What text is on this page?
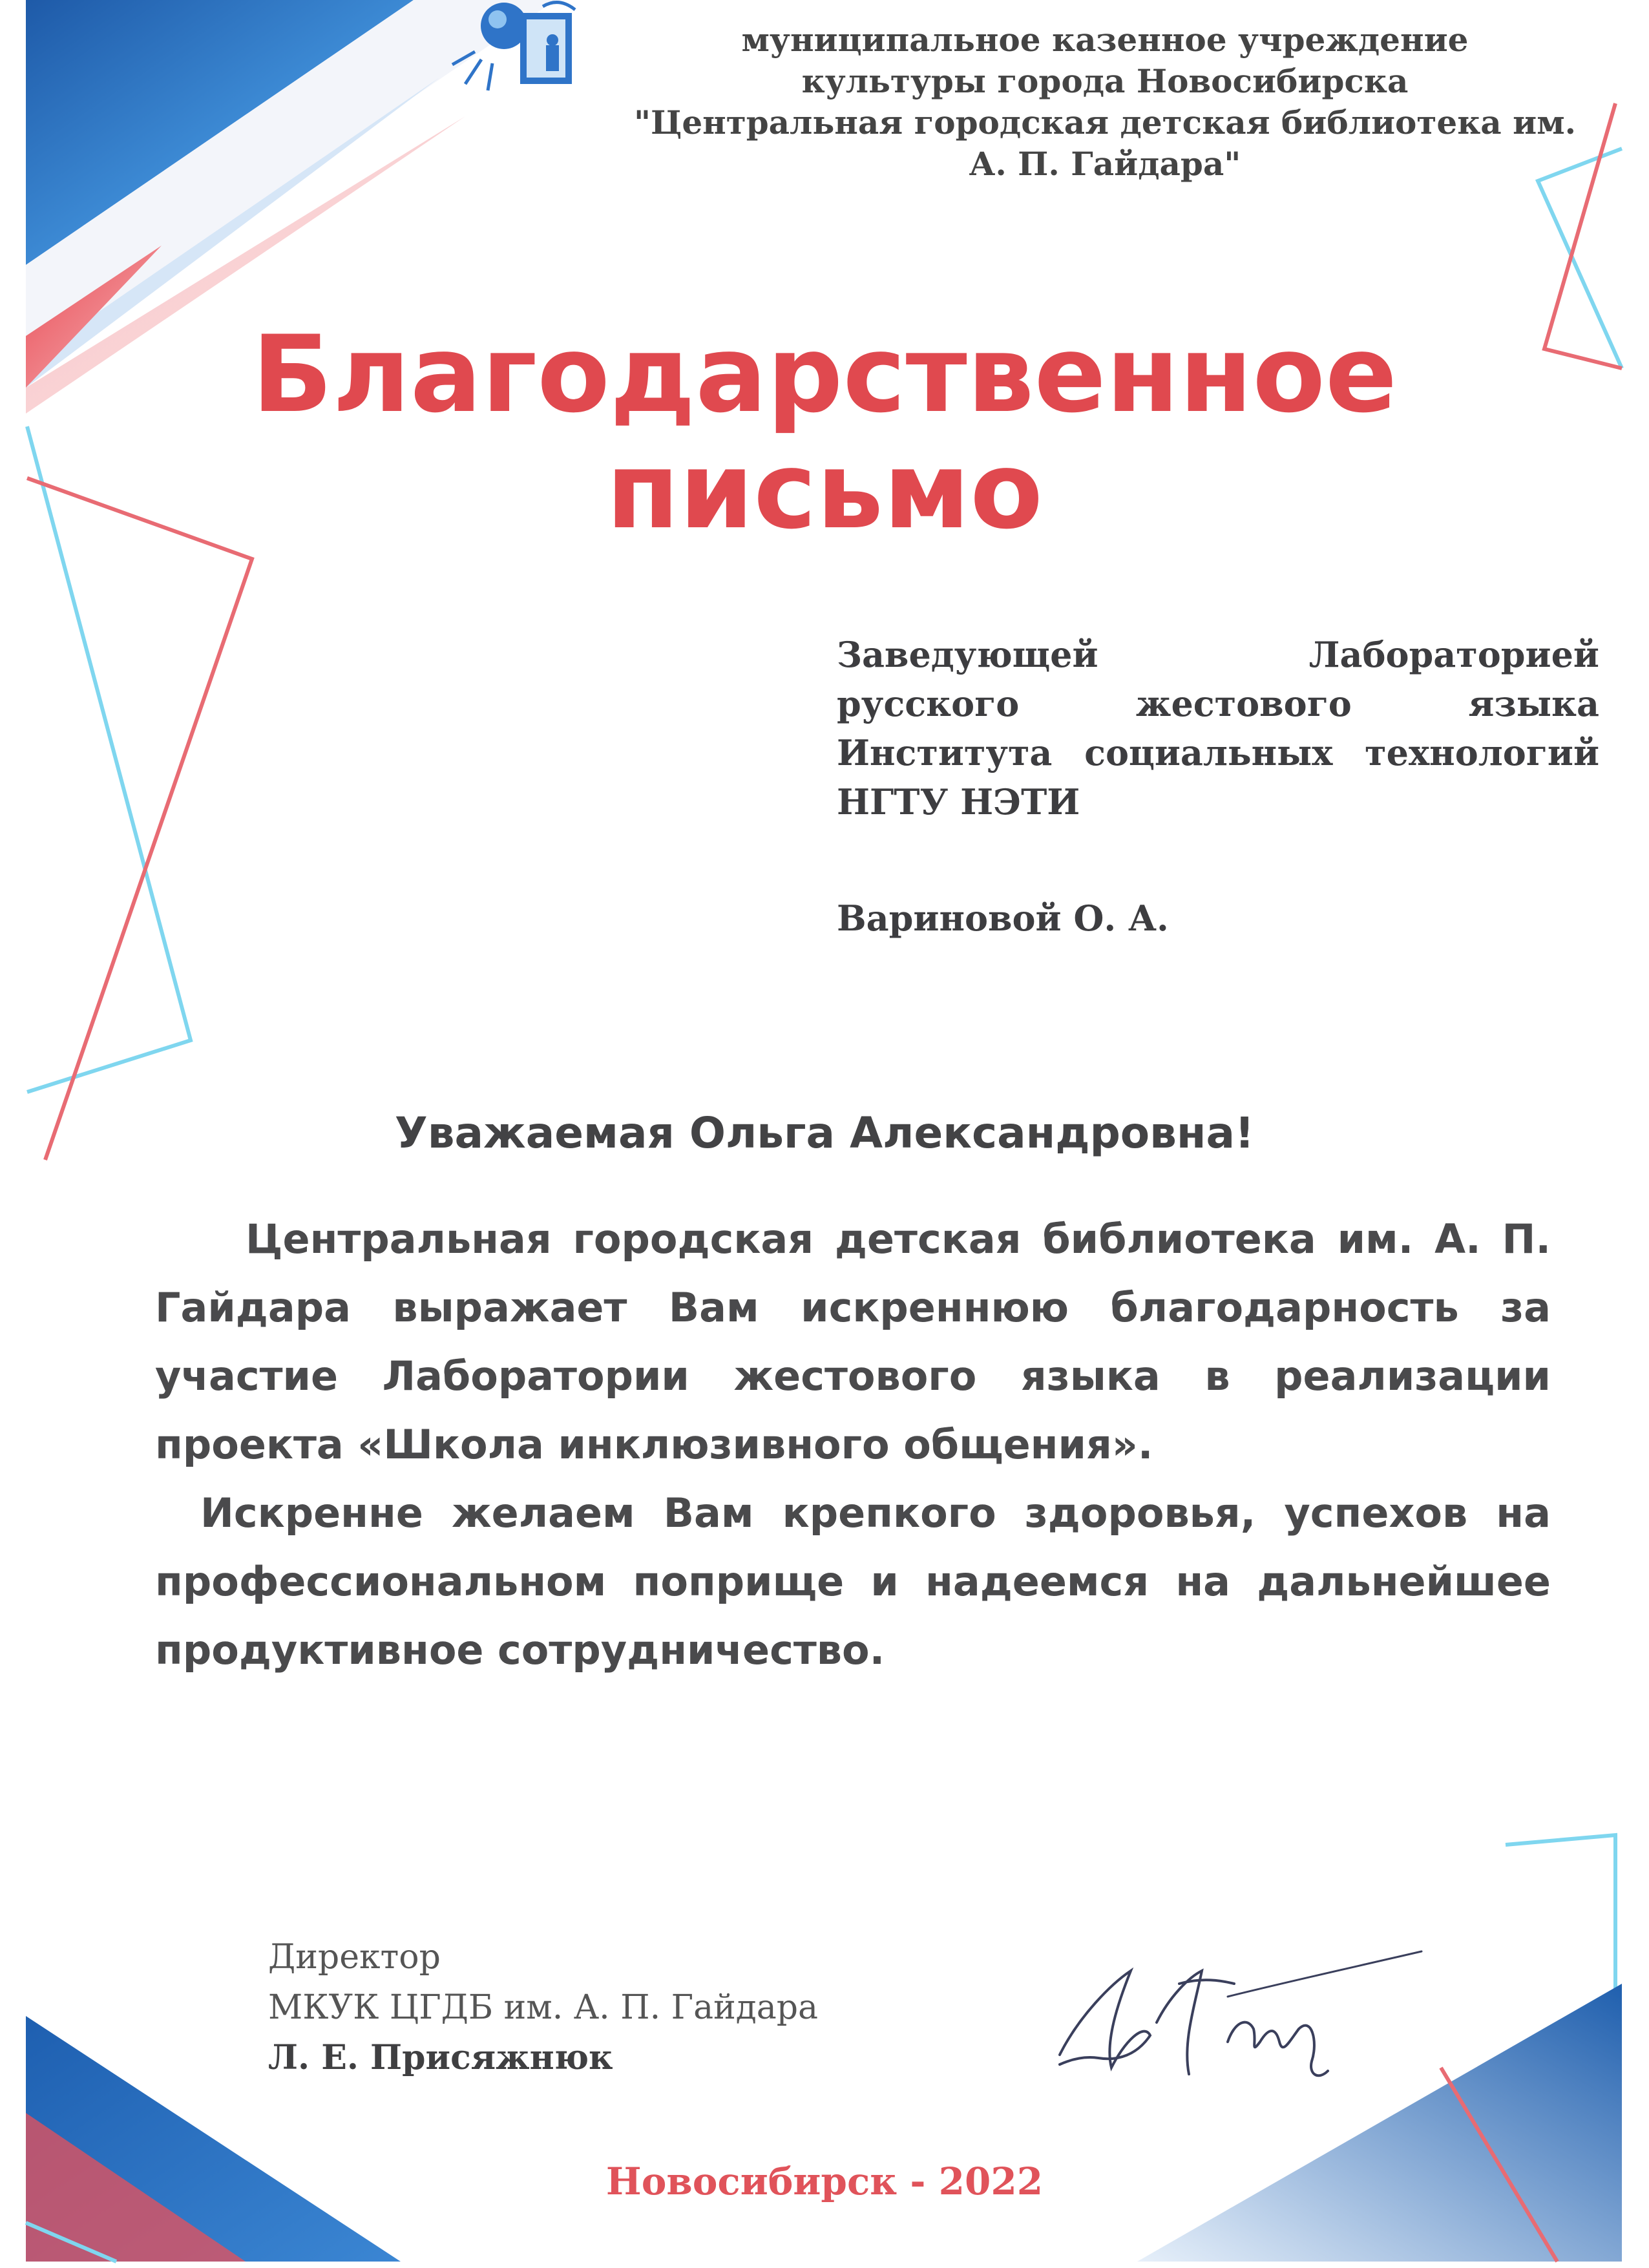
муниципальное казенное учреждение
культуры города Новосибирска
"Центральная городская детская библиотека им. А. П. Гайдара"
Благодарственное
письмо
Заведующей Лабораторией
русского жестового языка
Института социальных технологий
НГТУ НЭТИ
Вариновой О. А.
Уважаемая Ольга Александровна!

Центральная городская детская библиотека им. А. П. Гайдара выражает Вам искреннюю благодарность за участие Лаборатории жестового языка в реализации проекта «Школа инклюзивного общения».

Искренне желаем Вам крепкого здоровья, успехов на профессиональном поприще и надеемся на дальнейшее продуктивное сотрудничество.

Директор
МКУК ЦГДБ им. А. П. Гайдара
Л. Е. Присяжнюк
Новосибирск - 2022
